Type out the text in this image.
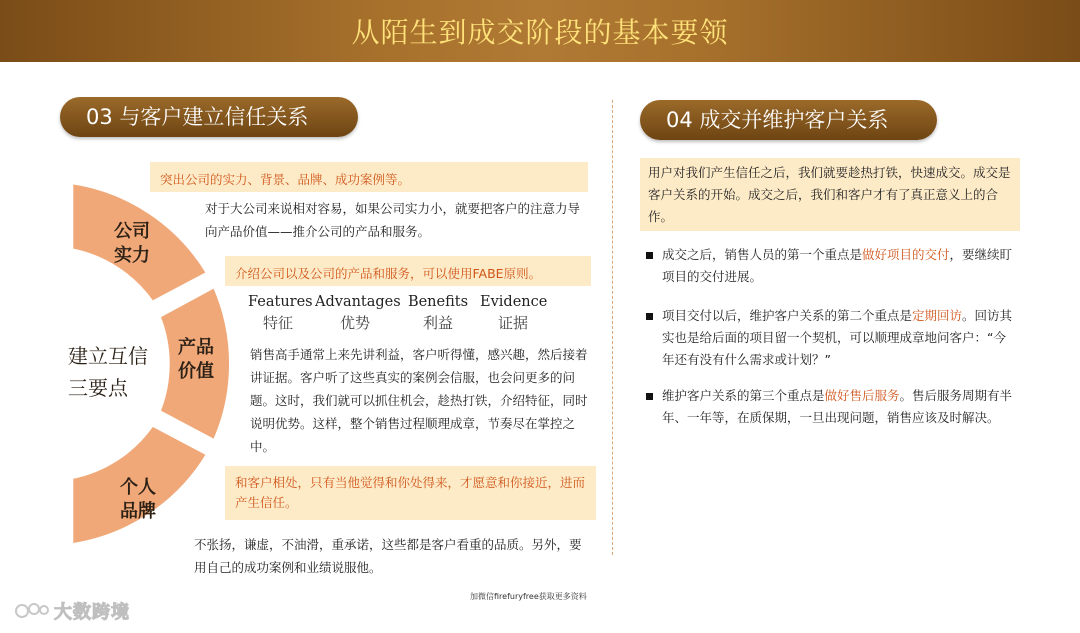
从陌生到成交阶段的基本要领
03 与客户建立信任关系
公司
实力
产品
价值
个人
品牌
建立互信
三要点
突出公司的实力、背景、品牌、成功案例等。
对于大公司来说相对容易，如果公司实力小，就要把客户的注意力导向产品价值——推介公司的产品和服务。
介绍公司以及公司的产品和服务，可以使用FABE原则。
Features
特征
Advantages
优势
Benefits
利益
Evidence
证据
销售高手通常上来先讲利益，客户听得懂，感兴趣，然后接着讲证据。客户听了这些真实的案例会信服，也会问更多的问题。这时，我们就可以抓住机会，趁热打铁，介绍特征，同时说明优势。这样，整个销售过程顺理成章，节奏尽在掌控之中。
和客户相处，只有当他觉得和你处得来，才愿意和你接近，进而产生信任。
不张扬，谦虚，不油滑，重承诺，这些都是客户看重的品质。另外，要用自己的成功案例和业绩说服他。
04 成交并维护客户关系
用户对我们产生信任之后，我们就要趁热打铁，快速成交。成交是客户关系的开始。成交之后，我们和客户才有了真正意义上的合作。
成交之后，销售人员的第一个重点是做好项目的交付，要继续盯项目的交付进展。
项目交付以后，维护客户关系的第二个重点是定期回访。回访其实也是给后面的项目留一个契机，可以顺理成章地问客户：“今年还有没有什么需求或计划？”
维护客户关系的第三个重点是做好售后服务。售后服务周期有半年、一年等，在质保期，一旦出现问题，销售应该及时解决。
加微信firefuryfree获取更多资料
大数跨境
